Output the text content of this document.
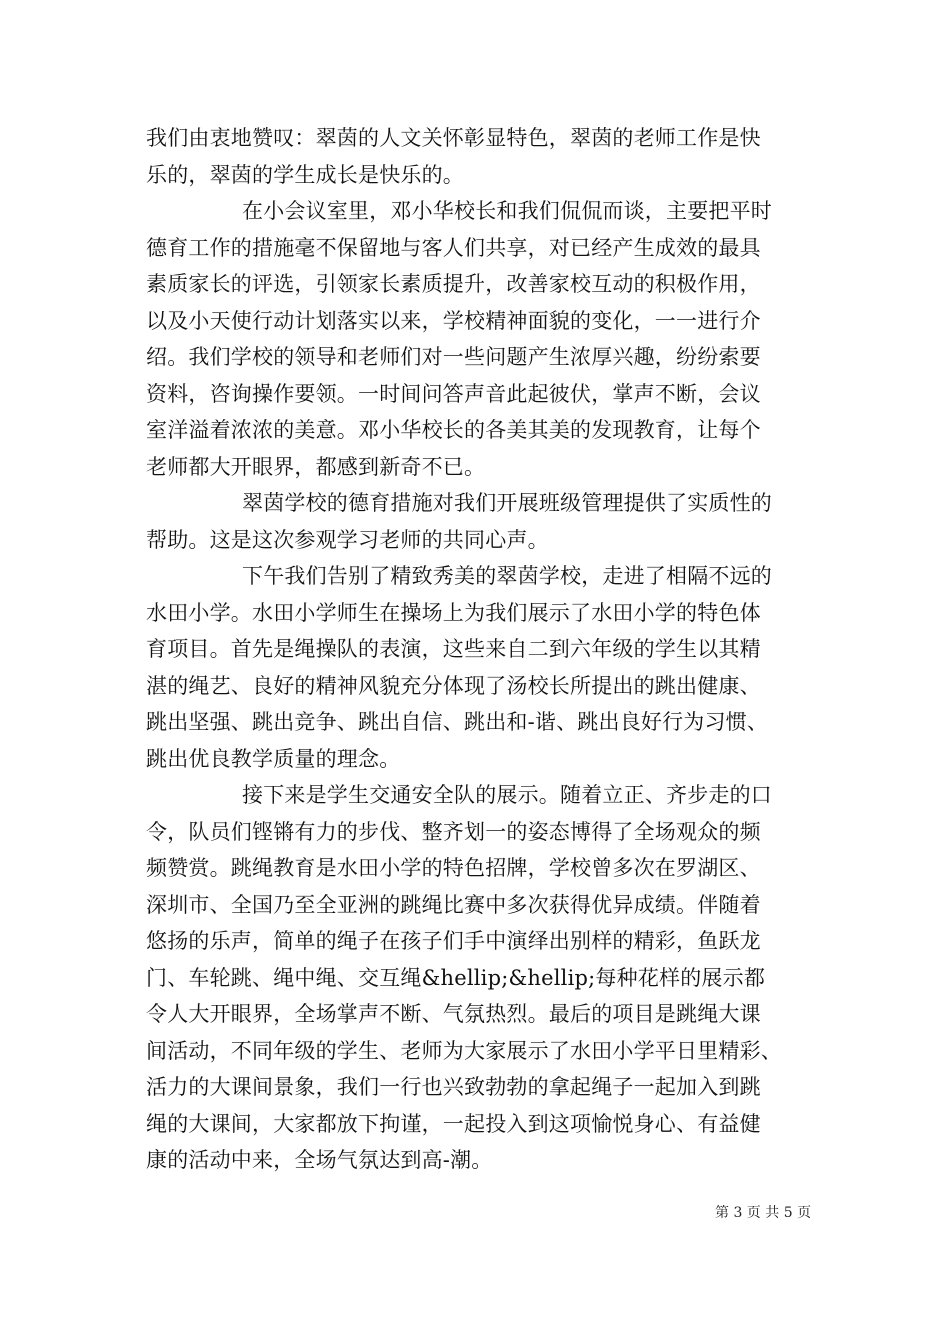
我们由衷地赞叹：翠茵的人文关怀彰显特色，翠茵的老师工作是快
乐的，翠茵的学生成长是快乐的。
在小会议室里，邓小华校长和我们侃侃而谈，主要把平时
德育工作的措施毫不保留地与客人们共享，对已经产生成效的最具
素质家长的评选，引领家长素质提升，改善家校互动的积极作用，
以及小天使行动计划落实以来，学校精神面貌的变化，一一进行介
绍。我们学校的领导和老师们对一些问题产生浓厚兴趣，纷纷索要
资料，咨询操作要领。一时间问答声音此起彼伏，掌声不断，会议
室洋溢着浓浓的美意。邓小华校长的各美其美的发现教育，让每个
老师都大开眼界，都感到新奇不已。
翠茵学校的德育措施对我们开展班级管理提供了实质性的
帮助。这是这次参观学习老师的共同心声。
下午我们告别了精致秀美的翠茵学校，走进了相隔不远的
水田小学。水田小学师生在操场上为我们展示了水田小学的特色体
育项目。首先是绳操队的表演，这些来自二到六年级的学生以其精
湛的绳艺、良好的精神风貌充分体现了汤校长所提出的跳出健康、
跳出坚强、跳出竞争、跳出自信、跳出和-谐、跳出良好行为习惯、
跳出优良教学质量的理念。
接下来是学生交通安全队的展示。随着立正、齐步走的口
令，队员们铿锵有力的步伐、整齐划一的姿态博得了全场观众的频
频赞赏。跳绳教育是水田小学的特色招牌，学校曾多次在罗湖区、
深圳市、全国乃至全亚洲的跳绳比赛中多次获得优异成绩。伴随着
悠扬的乐声，简单的绳子在孩子们手中演绎出别样的精彩，鱼跃龙
门、车轮跳、绳中绳、交互绳&hellip;&hellip;每种花样的展示都
令人大开眼界，全场掌声不断、气氛热烈。最后的项目是跳绳大课
间活动，不同年级的学生、老师为大家展示了水田小学平日里精彩、
活力的大课间景象，我们一行也兴致勃勃的拿起绳子一起加入到跳
绳的大课间，大家都放下拘谨，一起投入到这项愉悦身心、有益健
康的活动中来，全场气氛达到高-潮。
第 3 页 共 5 页
